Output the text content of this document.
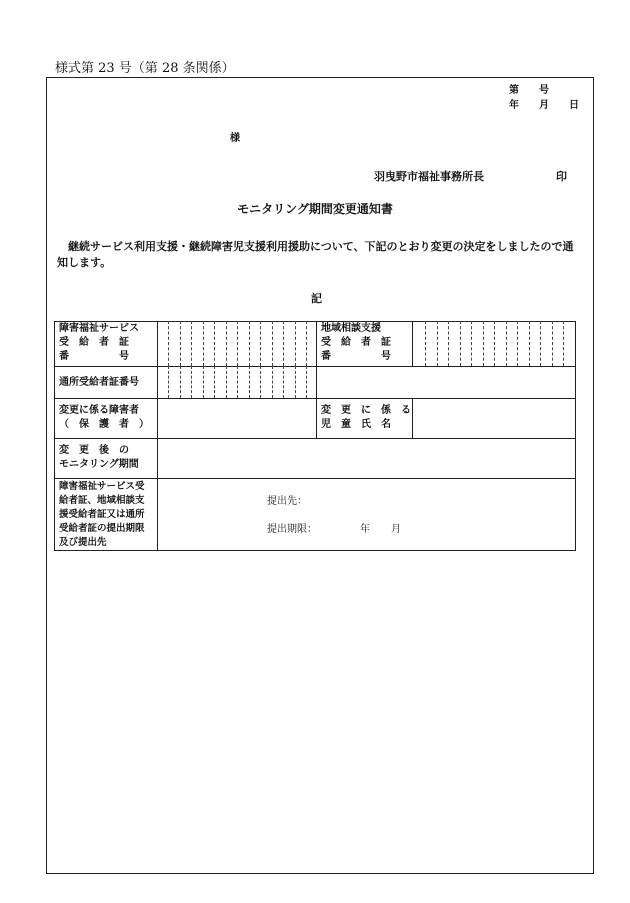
様式第 23 号（第 28 条関係）
第　　号
年　　月　　日
様
羽曳野市福祉事務所長	印
モニタリング期間変更通知書
継続サービス利用支援・継続障害児支援利用援助について、下記のとおり変更の決定をしましたので通知します。
記
障害福祉サービス
受　給　者　証
番　　　　　号
地域相談支援
受　給　者　証
番　　　　　号
通所受給者証番号
変更に係る障害者
（　保　護　者　）
変　更　に　係　る
児　童　氏　名
変　更　後　の
モニタリング期間
障害福祉サービス受
給者証、地域相談支
援受給者証又は通所
受給者証の提出期限
及び提出先
提出先：
提出期限：	年 月
